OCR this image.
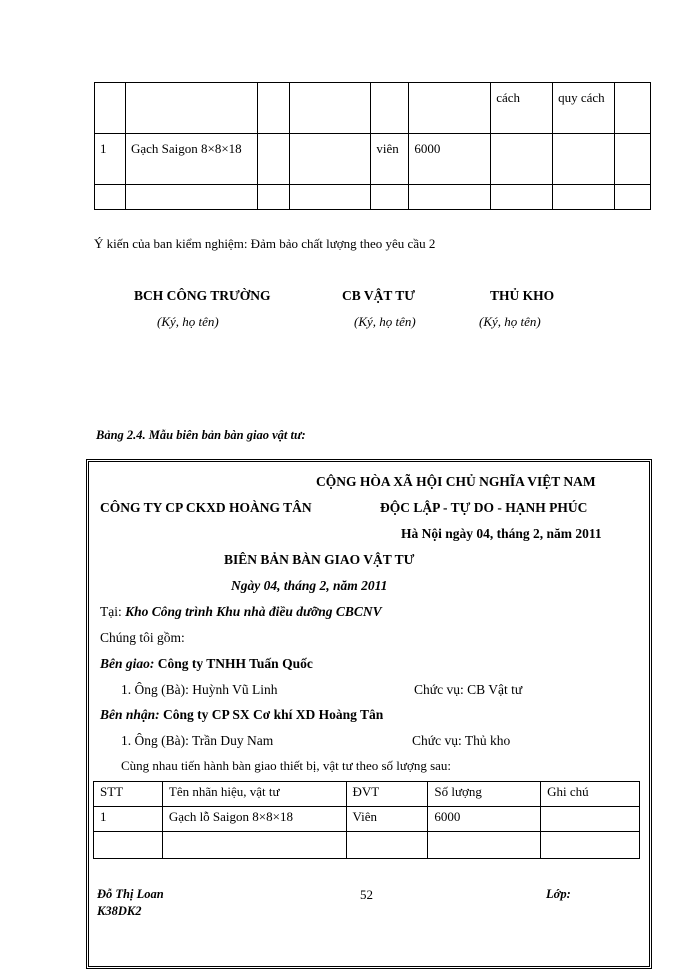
						cách	quy cách	
1	Gạch Saigon 8×8×18			viên	6000			

Ý kiến của ban kiểm nghiệm: Đảm bảo chất lượng theo yêu cầu 2
BCH CÔNG TRƯỜNG	CB VẬT TƯ	THỦ KHO
(Ký, họ tên)	(Ký, họ tên)	(Ký, họ tên)
Bảng 2.4. Mẫu biên bản bàn giao vật tư:
CỘNG HÒA XÃ HỘI CHỦ NGHĨA VIỆT NAM
CÔNG TY CP CKXD HOÀNG TÂN	ĐỘC LẬP - TỰ DO - HẠNH PHÚC
Hà Nội ngày 04, tháng 2, năm 2011
BIÊN BẢN BÀN GIAO VẬT TƯ
Ngày 04, tháng 2, năm 2011
Tại: Kho Công trình Khu nhà điều dưỡng CBCNV
Chúng tôi gồm:
Bên giao: Công ty TNHH Tuấn Quốc
1. Ông (Bà): Huỳnh Vũ Linh	Chức vụ: CB Vật tư
Bên nhận: Công ty CP SX Cơ khí XD Hoàng Tân
1. Ông (Bà): Trần Duy Nam	Chức vụ: Thủ kho
Cùng nhau tiến hành bàn giao thiết bị, vật tư theo số lượng sau:
STT	Tên nhãn hiệu, vật tư	ĐVT	Số lượng	Ghi chú
1	Gạch lỗ Saigon 8×8×18	Viên	6000	

Đỗ Thị Loan
K38DK2
52	Lớp:
